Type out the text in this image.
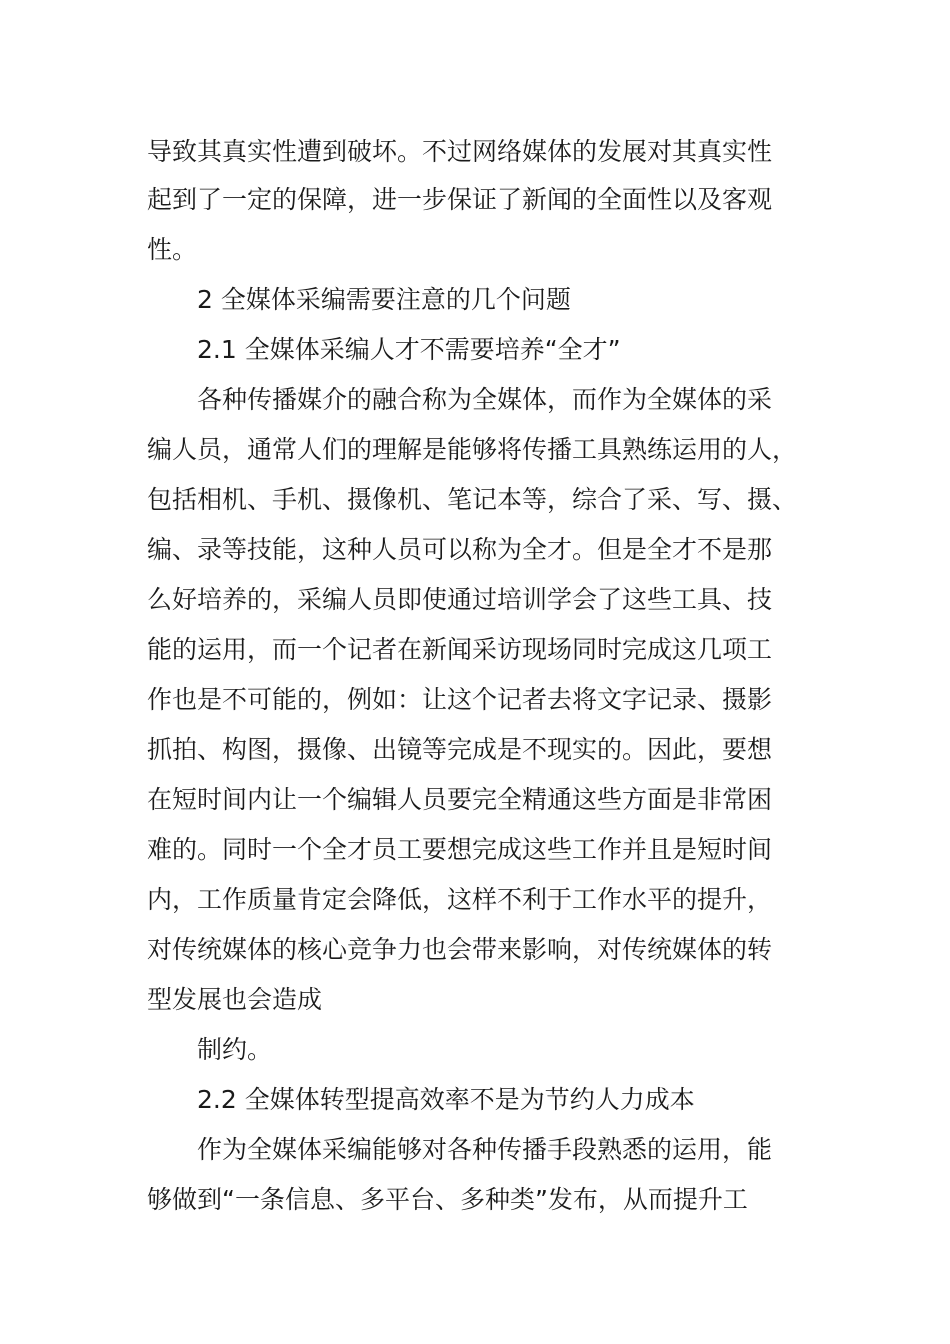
导致其真实性遭到破坏。不过网络媒体的发展对其真实性
起到了一定的保障，进一步保证了新闻的全面性以及客观
性。
2 全媒体采编需要注意的几个问题
2.1 全媒体采编人才不需要培养“全才”
各种传播媒介的融合称为全媒体，而作为全媒体的采
编人员，通常人们的理解是能够将传播工具熟练运用的人，
包括相机、手机、摄像机、笔记本等，综合了采、写、摄、
编、录等技能，这种人员可以称为全才。但是全才不是那
么好培养的，采编人员即使通过培训学会了这些工具、技
能的运用，而一个记者在新闻采访现场同时完成这几项工
作也是不可能的，例如：让这个记者去将文字记录、摄影
抓拍、构图，摄像、出镜等完成是不现实的。因此，要想
在短时间内让一个编辑人员要完全精通这些方面是非常困
难的。同时一个全才员工要想完成这些工作并且是短时间
内，工作质量肯定会降低，这样不利于工作水平的提升，
对传统媒体的核心竞争力也会带来影响，对传统媒体的转
型发展也会造成
制约。
2.2 全媒体转型提高效率不是为节约人力成本
作为全媒体采编能够对各种传播手段熟悉的运用，能
够做到“一条信息、多平台、多种类”发布，从而提升工
